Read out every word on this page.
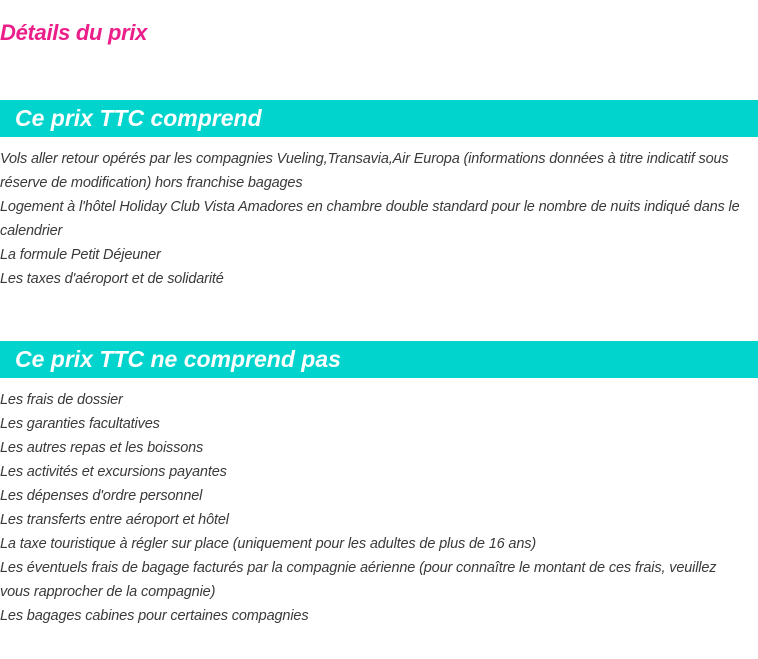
Détails du prix
Ce prix TTC comprend
Vols aller retour opérés par les compagnies Vueling,Transavia,Air Europa (informations données à titre indicatif sous réserve de modification) hors franchise bagages
Logement à l'hôtel Holiday Club Vista Amadores en chambre double standard pour le nombre de nuits indiqué dans le calendrier
La formule Petit Déjeuner
Les taxes d'aéroport et de solidarité
Ce prix TTC ne comprend pas
Les frais de dossier
Les garanties facultatives
Les autres repas et les boissons
Les activités et excursions payantes
Les dépenses d'ordre personnel
Les transferts entre aéroport et hôtel
La taxe touristique à régler sur place (uniquement pour les adultes de plus de 16 ans)
Les éventuels frais de bagage facturés par la compagnie aérienne (pour connaître le montant de ces frais, veuillez vous rapprocher de la compagnie)
Les bagages cabines pour certaines compagnies
